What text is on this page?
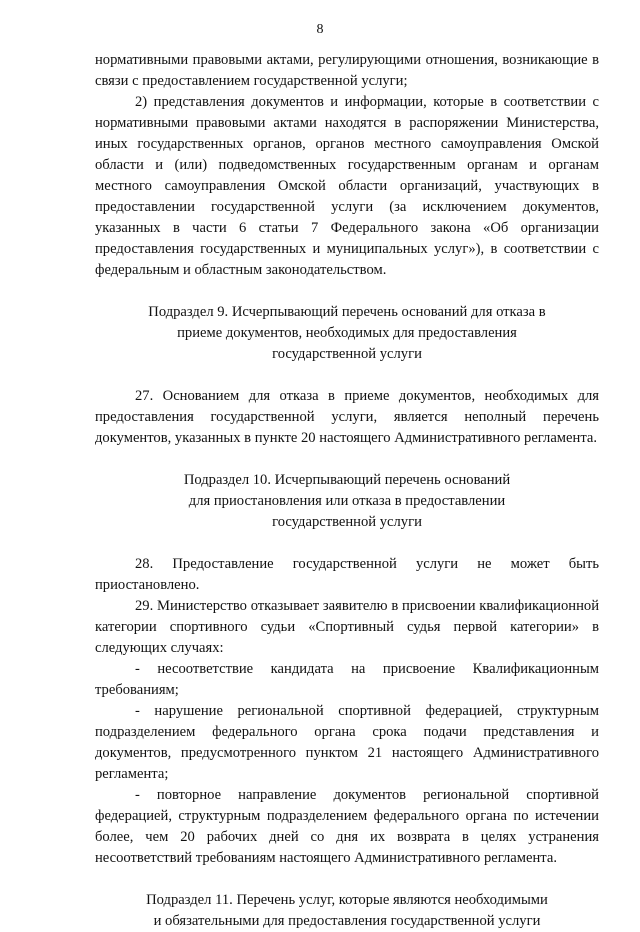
8

нормативными правовыми актами, регулирующими отношения, возникающие в связи с предоставлением государственной услуги;

2) представления документов и информации, которые в соответствии с нормативными правовыми актами находятся в распоряжении Министерства, иных государственных органов, органов местного самоуправления Омской области и (или) подведомственных государственным органам и органам местного самоуправления Омской области организаций, участвующих в предоставлении государственной услуги (за исключением документов, указанных в части 6 статьи 7 Федерального закона «Об организации предоставления государственных и муниципальных услуг»), в соответствии с федеральным и областным законодательством.

Подраздел 9. Исчерпывающий перечень оснований для отказа в
приеме документов, необходимых для предоставления
государственной услуги

27. Основанием для отказа в приеме документов, необходимых для предоставления государственной услуги, является неполный перечень документов, указанных в пункте 20 настоящего Административного регламента.

Подраздел 10. Исчерпывающий перечень оснований
для приостановления или отказа в предоставлении
государственной услуги

28. Предоставление государственной услуги не может быть приостановлено.

29. Министерство отказывает заявителю в присвоении квалификационной категории спортивного судьи «Спортивный судья первой категории» в следующих случаях:

- несоответствие кандидата на присвоение Квалификационным требованиям;

- нарушение региональной спортивной федерацией, структурным подразделением федерального органа срока подачи представления и документов, предусмотренного пунктом 21 настоящего Административного регламента;

- повторное направление документов региональной спортивной федерацией, структурным подразделением федерального органа по истечении более, чем 20 рабочих дней со дня их возврата в целях устранения несоответствий требованиям настоящего Административного регламента.

Подраздел 11. Перечень услуг, которые являются необходимыми
и обязательными для предоставления государственной услуги
